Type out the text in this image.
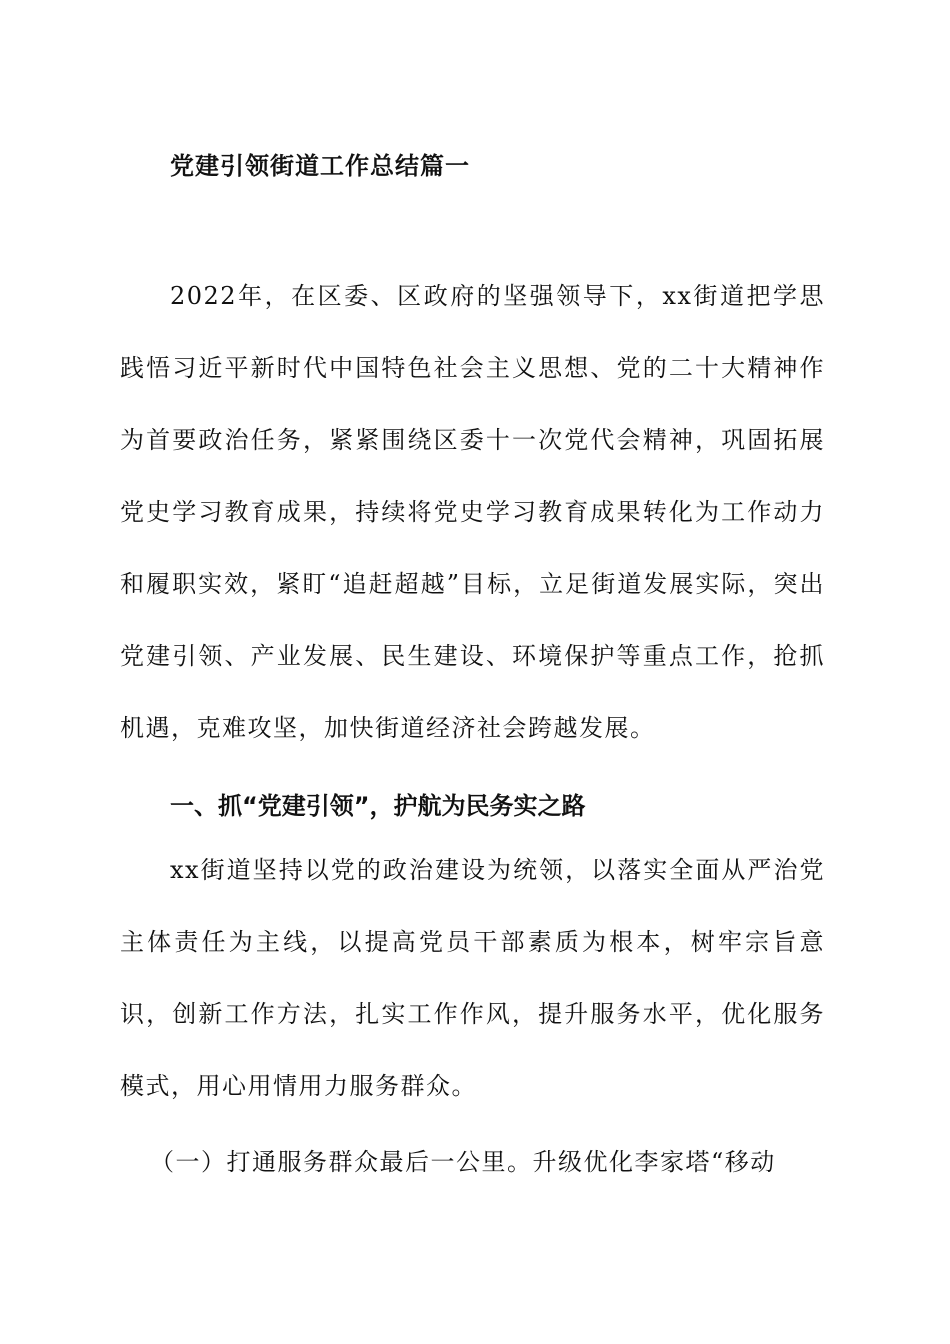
党建引领街道工作总结篇一
2022年，在区委、区政府的坚强领导下，xx街道把学思践悟习近平新时代中国特色社会主义思想、党的二十大精神作为首要政治任务，紧紧围绕区委十一次党代会精神，巩固拓展党史学习教育成果，持续将党史学习教育成果转化为工作动力和履职实效，紧盯“追赶超越”目标，立足街道发展实际，突出党建引领、产业发展、民生建设、环境保护等重点工作，抢抓机遇，克难攻坚，加快街道经济社会跨越发展。
一、抓“党建引领”，护航为民务实之路
xx街道坚持以党的政治建设为统领，以落实全面从严治党主体责任为主线，以提高党员干部素质为根本，树牢宗旨意识，创新工作方法，扎实工作作风，提升服务水平，优化服务模式，用心用情用力服务群众。
（一）打通服务群众最后一公里。升级优化李家塔“移动
